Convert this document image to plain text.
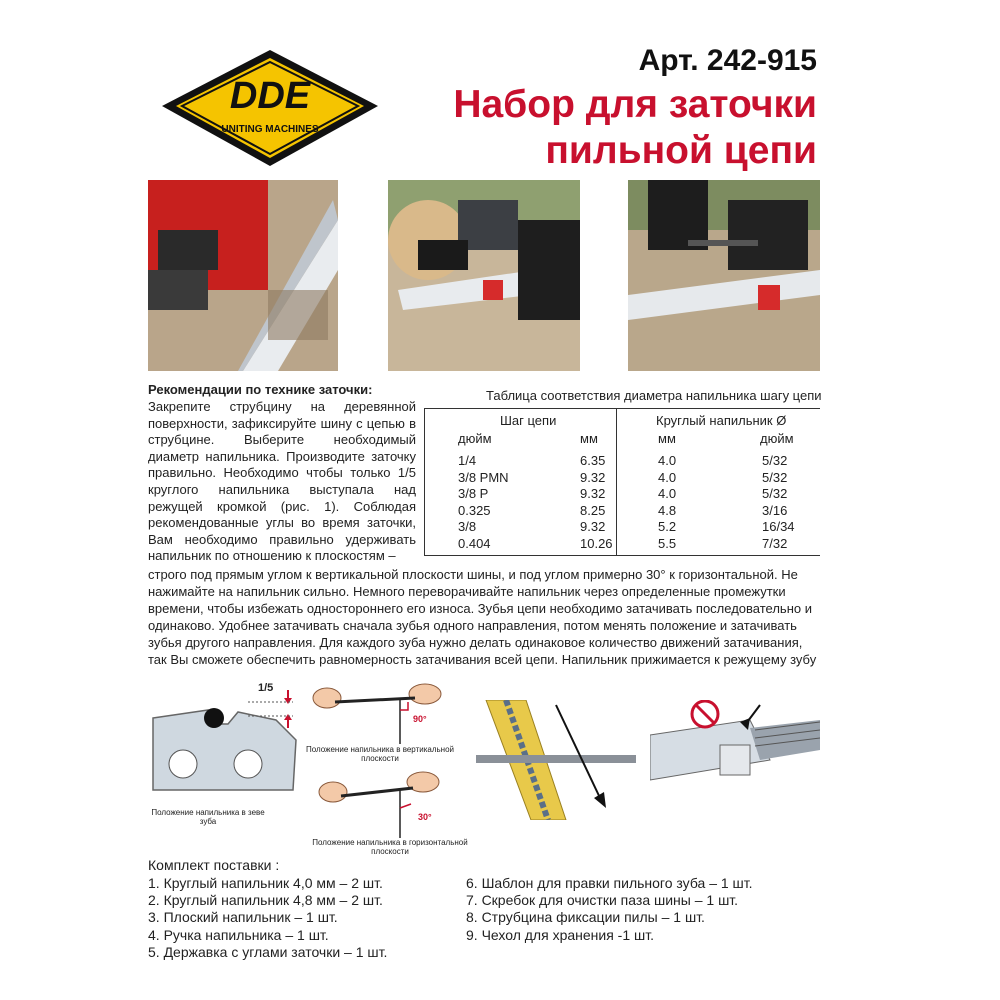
DDE
UNITING MACHINES
Арт. 242-915
Набор для заточки
пильной цепи
Рекомендации по технике заточки:
Закрепите струбцину на деревянной поверхности, зафиксируйте шину с цепью в струбцине. Выберите необходимый диаметр напильника. Производите заточку правильно. Необходимо чтобы только 1/5 круглого напильника выступала над режущей кромкой (рис. 1). Соблюдая рекомендованные углы во время заточки, Вам необходимо правильно удерживать напильник по отношению к плоскостям –
строго под прямым углом к вертикальной плоскости шины, и под углом примерно 30° к горизонтальной. Не нажимайте на напильник сильно. Немного переворачивайте напильник через определенные промежутки времени, чтобы избежать одностороннего его износа. Зубья цепи необходимо затачивать последовательно и одинаково. Удобнее затачивать сначала зубья одного направления, потом менять положение и затачивать зубья другого направления. Для каждого зуба нужно делать одинаковое количество движений затачивания, так Вы сможете обеспечить равномерность затачивания всей цепи. Напильник прижимается к режущему зубу
Таблица соответствия диаметра напильника шагу цепи
Шаг цепи	Круглый напильник Ø
дюйм	мм	мм	дюйм
1/4	6.35	4.0	5/32
3/8 PMN	9.32	4.0	5/32
3/8 P	9.32	4.0	5/32
0.325	8.25	4.8	3/16
3/8	9.32	5.2	16/34
0.404	10.26	5.5	7/32
1/5
Положение напильника в зеве зуба
90°
Положение напильника в вертикальной плоскости
30°
Положение напильника в горизонтальной плоскости
Комплект поставки :
1. Круглый напильник 4,0 мм – 2 шт.
2. Круглый напильник 4,8 мм – 2 шт.
3. Плоский напильник – 1 шт.
4. Ручка напильника – 1 шт.
5. Державка с углами заточки – 1 шт.
6. Шаблон для правки пильного зуба – 1 шт.
7. Скребок для очистки паза шины – 1 шт.
8. Струбцина фиксации пилы – 1 шт.
9. Чехол для хранения -1 шт.
